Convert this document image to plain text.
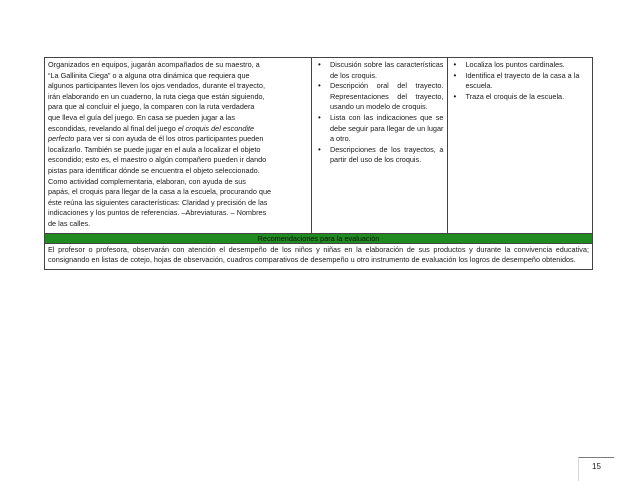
Organizados en equipos, jugarán acompañados de su maestro, a
“La Gallinita Ciega” o a alguna otra dinámica que requiera que
algunos participantes lleven los ojos vendados, durante el trayecto,
irán elaborando en un cuaderno, la ruta ciega que están siguiendo,
para que al concluir el juego, la comparen con la ruta verdadera
que lleva el guía del juego. En casa se pueden jugar a las
escondidas, revelando al final del juego el croquis del escondite
perfecto para ver si con ayuda de él los otros participantes pueden
localizarlo. También se puede jugar en el aula a localizar el objeto
escondido; esto es, el maestro o algún compañero pueden ir dando
pistas para identificar dónde se encuentra el objeto seleccionado.
Como actividad complementaria, elaboran, con ayuda de sus
papás, el croquis para llegar de la casa a la escuela, procurando que
éste reúna las siguientes características: Claridad y precisión de las
indicaciones y los puntos de referencias. –Abreviaturas. – Nombres
de las calles.

• Discusión sobre las características de los croquis.
• Descripción oral del trayecto. Representaciones del trayecto, usando un modelo de croquis.
• Lista con las indicaciones que se debe seguir para llegar de un lugar a otro.
• Descripciones de los trayectos, a partir del uso de los croquis.

• Localiza los puntos cardinales.
• Identifica el trayecto de la casa a la escuela.
• Traza el croquis de la escuela.

Recomendaciones para la evaluación
El profesor o profesora, observarán con atención el desempeño de los niños y niñas en la elaboración de sus productos y durante la convivencia educativa; consignando en listas de cotejo, hojas de observación, cuadros comparativos de desempeño u otro instrumento de evaluación los logros de desempeño obtenidos.
15
